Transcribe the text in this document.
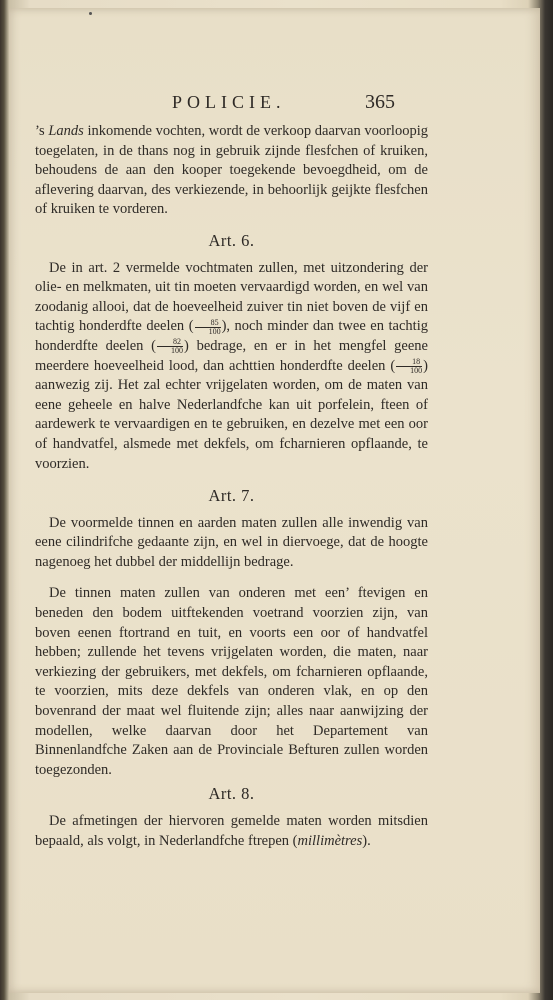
POLICIE.	365

’s Lands inkomende vochten, wordt de verkoop daarvan voorloopig toegelaten, in de thans nog in gebruik zijnde flesfchen of kruiken, behoudens de aan den kooper toegekende bevoegdheid, om de aflevering daarvan, des verkiezende, in behoorlijk geijkte flesfchen of kruiken te vorderen.

Art. 6.

De in art. 2 vermelde vochtmaten zullen, met uitzondering der olie- en melkmaten, uit tin moeten vervaardigd worden, en wel van zoodanig allooi, dat de hoeveelheid zuiver tin niet boven de vijf en tachtig honderdfte deelen ( $\frac{85}{100}$ ), noch minder dan twee en tachtig honderdfte deelen ( $\frac{82}{100}$ ) bedrage, en er in het mengfel geene meerdere hoeveelheid lood, dan achttien honderdfte deelen ( $\frac{18}{100}$ ) aanwezig zij. Het zal echter vrijgelaten worden, om de maten van eene geheele en halve Nederlandfche kan uit porfelein, fteen of aardewerk te vervaardigen en te gebruiken, en dezelve met een oor of handvatfel, alsmede met dekfels, om fcharnieren opflaande, te voorzien.

Art. 7.

De voormelde tinnen en aarden maten zullen alle inwendig van eene cilindrifche gedaante zijn, en wel in diervoege, dat de hoogte nagenoeg het dubbel der middellijn bedrage.

De tinnen maten zullen van onderen met een’ ftevigen en beneden den bodem uitftekenden voetrand voorzien zijn, van boven eenen ftortrand en tuit, en voorts een oor of handvatfel hebben; zullende het tevens vrijgelaten worden, die maten, naar verkiezing der gebruikers, met dekfels, om fcharnieren opflaande, te voorzien, mits deze dekfels van onderen vlak, en op den bovenrand der maat wel fluitende zijn; alles naar aanwijzing der modellen, welke daarvan door het Departement van Binnenlandfche Zaken aan de Provinciale Befturen zullen worden toegezonden.

Art. 8.

De afmetingen der hiervoren gemelde maten worden mitsdien bepaald, als volgt, in Nederlandfche ftrepen (millimètres).
